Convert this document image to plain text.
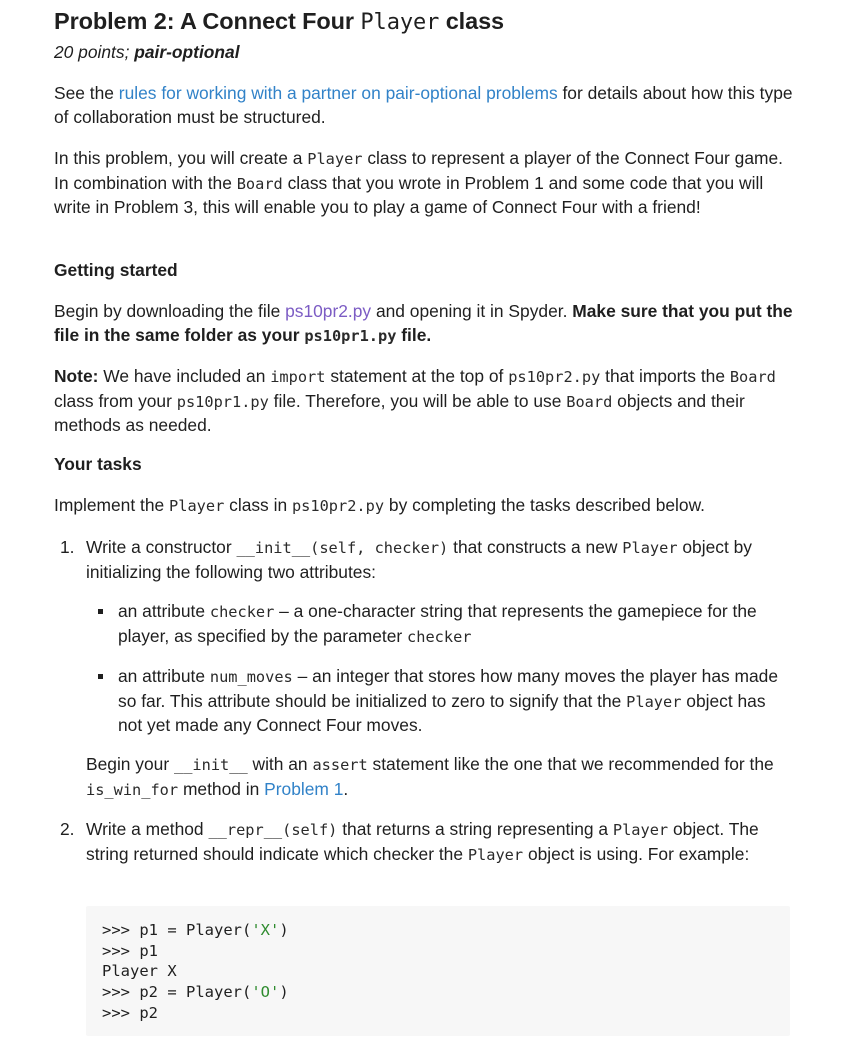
Problem 2: A Connect Four Player class
20 points; pair-optional

See the rules for working with a partner on pair-optional problems for details about how this type of collaboration must be structured.

In this problem, you will create a Player class to represent a player of the Connect Four game. In combination with the Board class that you wrote in Problem 1 and some code that you will write in Problem 3, this will enable you to play a game of Connect Four with a friend!

Getting started

Begin by downloading the file ps10pr2.py and opening it in Spyder. Make sure that you put the file in the same folder as your ps10pr1.py file.

Note: We have included an import statement at the top of ps10pr2.py that imports the Board class from your ps10pr1.py file. Therefore, you will be able to use Board objects and their methods as needed.

Your tasks

Implement the Player class in ps10pr2.py by completing the tasks described below.

1. Write a constructor __init__(self, checker) that constructs a new Player object by initializing the following two attributes:
an attribute checker – a one-character string that represents the gamepiece for the player, as specified by the parameter checker
an attribute num_moves – an integer that stores how many moves the player has made so far. This attribute should be initialized to zero to signify that the Player object has not yet made any Connect Four moves.
Begin your __init__ with an assert statement like the one that we recommended for the is_win_for method in Problem 1.
2. Write a method __repr__(self) that returns a string representing a Player object. The string returned should indicate which checker the Player object is using. For example:
>>> p1 = Player('X')
>>> p1
Player X
>>> p2 = Player('O')
>>> p2
